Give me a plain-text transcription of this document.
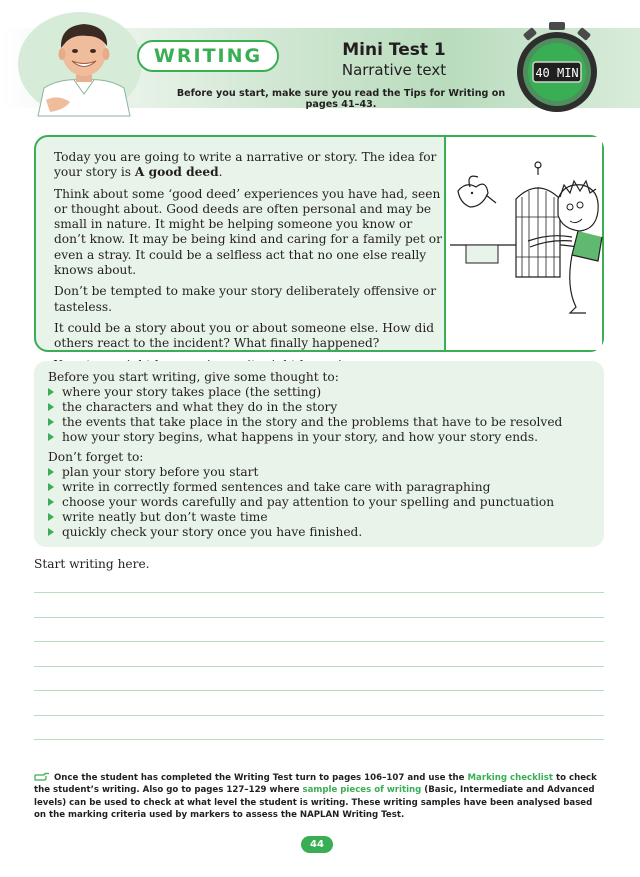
WRITING	Mini Test 1
Narrative text
Before you start, make sure you read the Tips for Writing on pages 41–43.
40 MIN

Today you are going to write a narrative or story. The idea for your story is A good deed.

Think about some ‘good deed’ experiences you have had, seen or thought about. Good deeds are often personal and may be small in nature. It might be helping someone you know or don’t know. It may be being kind and caring for a family pet or even a stray. It could be a selfless act that no one else really knows about.

Don’t be tempted to make your story deliberately offensive or tasteless.

It could be a story about you or about someone else. How did others react to the incident? What finally happened?

Before you start writing, give some thought to:
where your story takes place (the setting)
the characters and what they do in the story
the events that take place in the story and the problems that have to be resolved
how your story begins, what happens in your story, and how your story ends.
Don’t forget to:
plan your story before you start
write in correctly formed sentences and take care with paragraphing
choose your words carefully and pay attention to your spelling and punctuation
write neatly but don’t waste time
quickly check your story once you have finished.
Start writing here.
Once the student has completed the Writing Test turn to pages 106–107 and use the Marking checklist to check the student’s writing. Also go to pages 127–129 where sample pieces of writing (Basic, Intermediate and Advanced levels) can be used to check at what level the student is writing. These writing samples have been analysed based on the marking criteria used by markers to assess the NAPLAN Writing Test.
44
